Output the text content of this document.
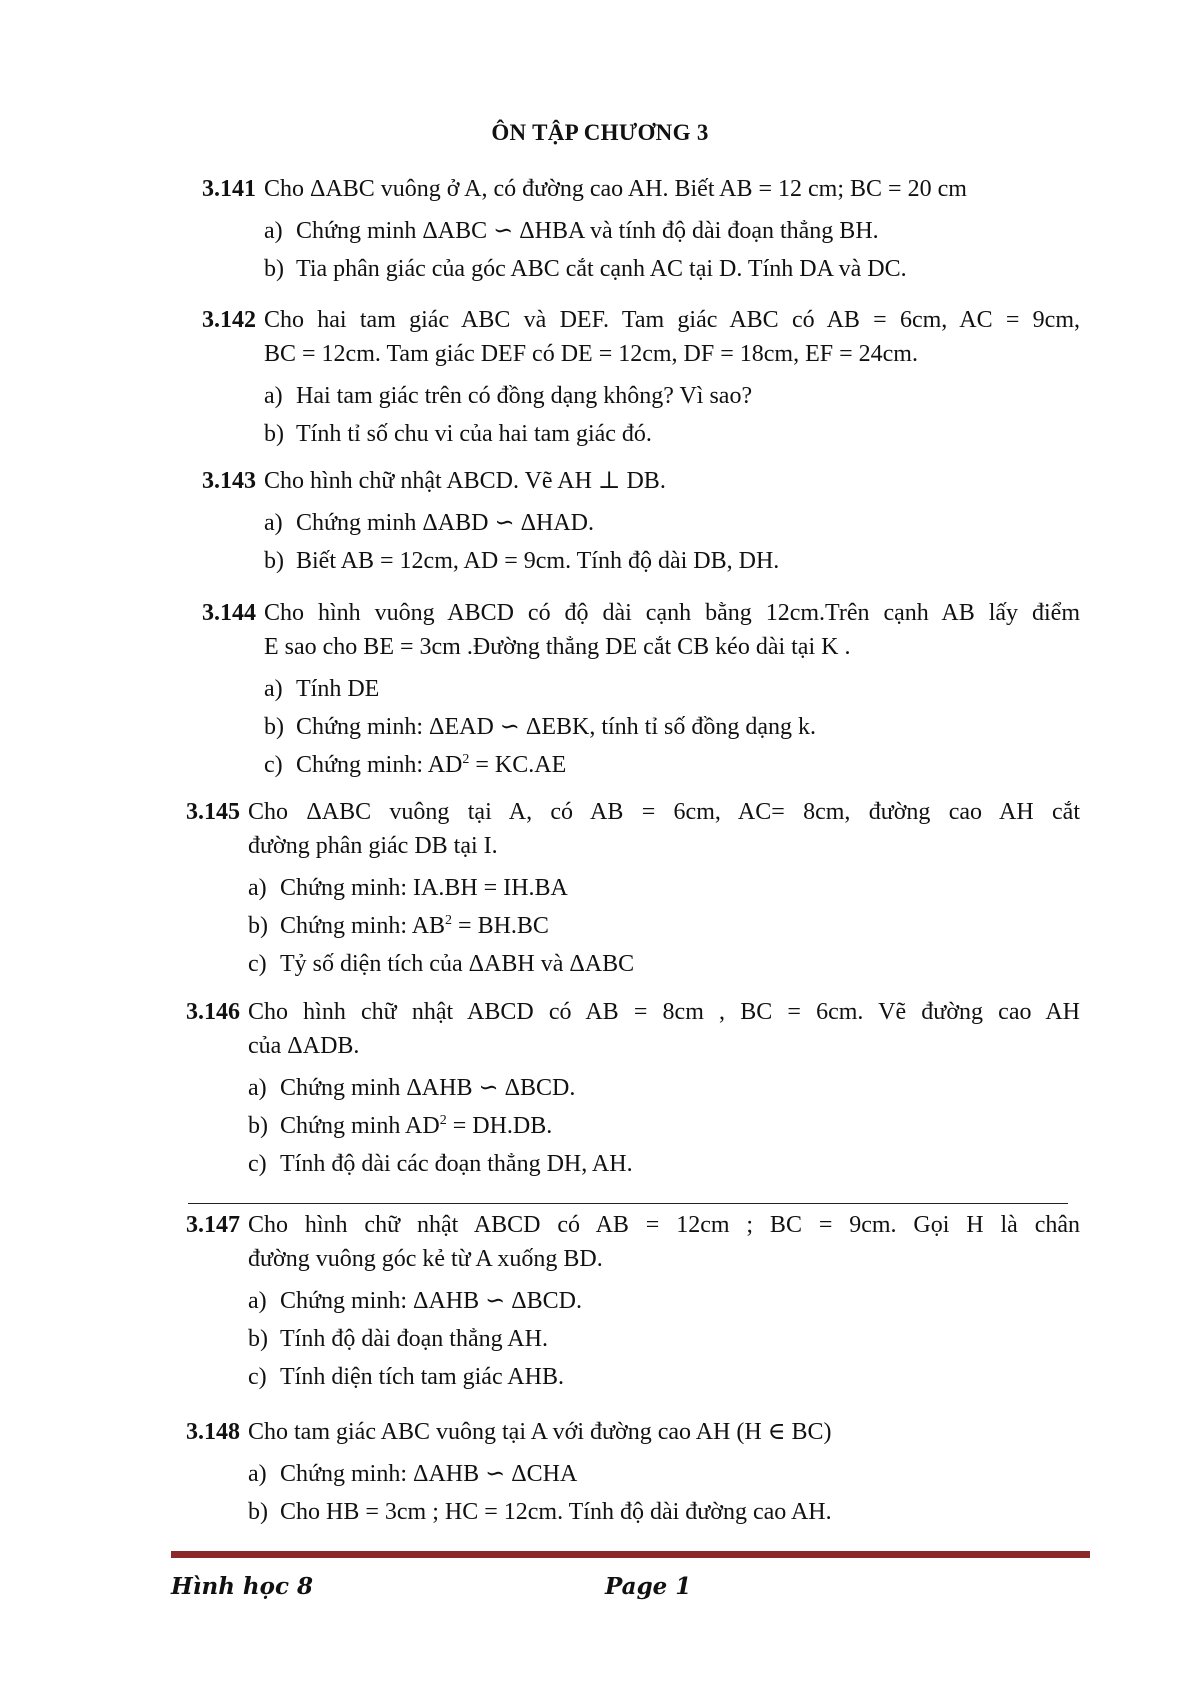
ÔN TẬP CHƯƠNG 3
3.141 Cho ΔABC vuông ở A, có đường cao AH. Biết AB = 12 cm; BC = 20 cm
a) Chứng minh ΔABC ∽ ΔHBA và tính độ dài đoạn thẳng BH.
b) Tia phân giác của góc ABC cắt cạnh AC tại D. Tính DA và DC.
3.142 Cho hai tam giác ABC và DEF. Tam giác ABC có AB = 6cm, AC = 9cm,
BC = 12cm. Tam giác DEF có DE = 12cm, DF = 18cm, EF = 24cm.
a) Hai tam giác trên có đồng dạng không? Vì sao?
b) Tính tỉ số chu vi của hai tam giác đó.
3.143 Cho hình chữ nhật ABCD. Vẽ AH ⊥ DB.
a) Chứng minh ΔABD ∽ ΔHAD.
b) Biết AB = 12cm, AD = 9cm. Tính độ dài DB, DH.
3.144 Cho hình vuông ABCD có độ dài cạnh bằng 12cm.Trên cạnh AB lấy điểm
E sao cho BE = 3cm .Đường thẳng DE cắt CB kéo dài tại K .
a) Tính DE
b) Chứng minh: ΔEAD ∽ ΔEBK, tính tỉ số đồng dạng k.
c) Chứng minh: $AD^2 = KC.AE$
3.145 Cho ΔABC vuông tại A, có AB = 6cm, AC= 8cm, đường cao AH cắt
đường phân giác DB tại I.
a) Chứng minh: IA.BH = IH.BA
b) Chứng minh: $AB^2 = BH.BC$
c) Tỷ số diện tích của ΔABH và ΔABC
3.146 Cho hình chữ nhật ABCD có AB = 8cm , BC = 6cm. Vẽ đường cao AH
của ΔADB.
a) Chứng minh ΔAHB ∽ ΔBCD.
b) Chứng minh $AD^2 = DH.DB$.
c) Tính độ dài các đoạn thẳng DH, AH.
3.147 Cho hình chữ nhật ABCD có AB = 12cm ; BC = 9cm. Gọi H là chân
đường vuông góc kẻ từ A xuống BD.
a) Chứng minh: ΔAHB ∽ ΔBCD.
b) Tính độ dài đoạn thẳng AH.
c) Tính diện tích tam giác AHB.
3.148 Cho tam giác ABC vuông tại A với đường cao AH (H ∈ BC)
a) Chứng minh: ΔAHB ∽ ΔCHA
b) Cho HB = 3cm ; HC = 12cm. Tính độ dài đường cao AH.
Hình học 8	Page 1
